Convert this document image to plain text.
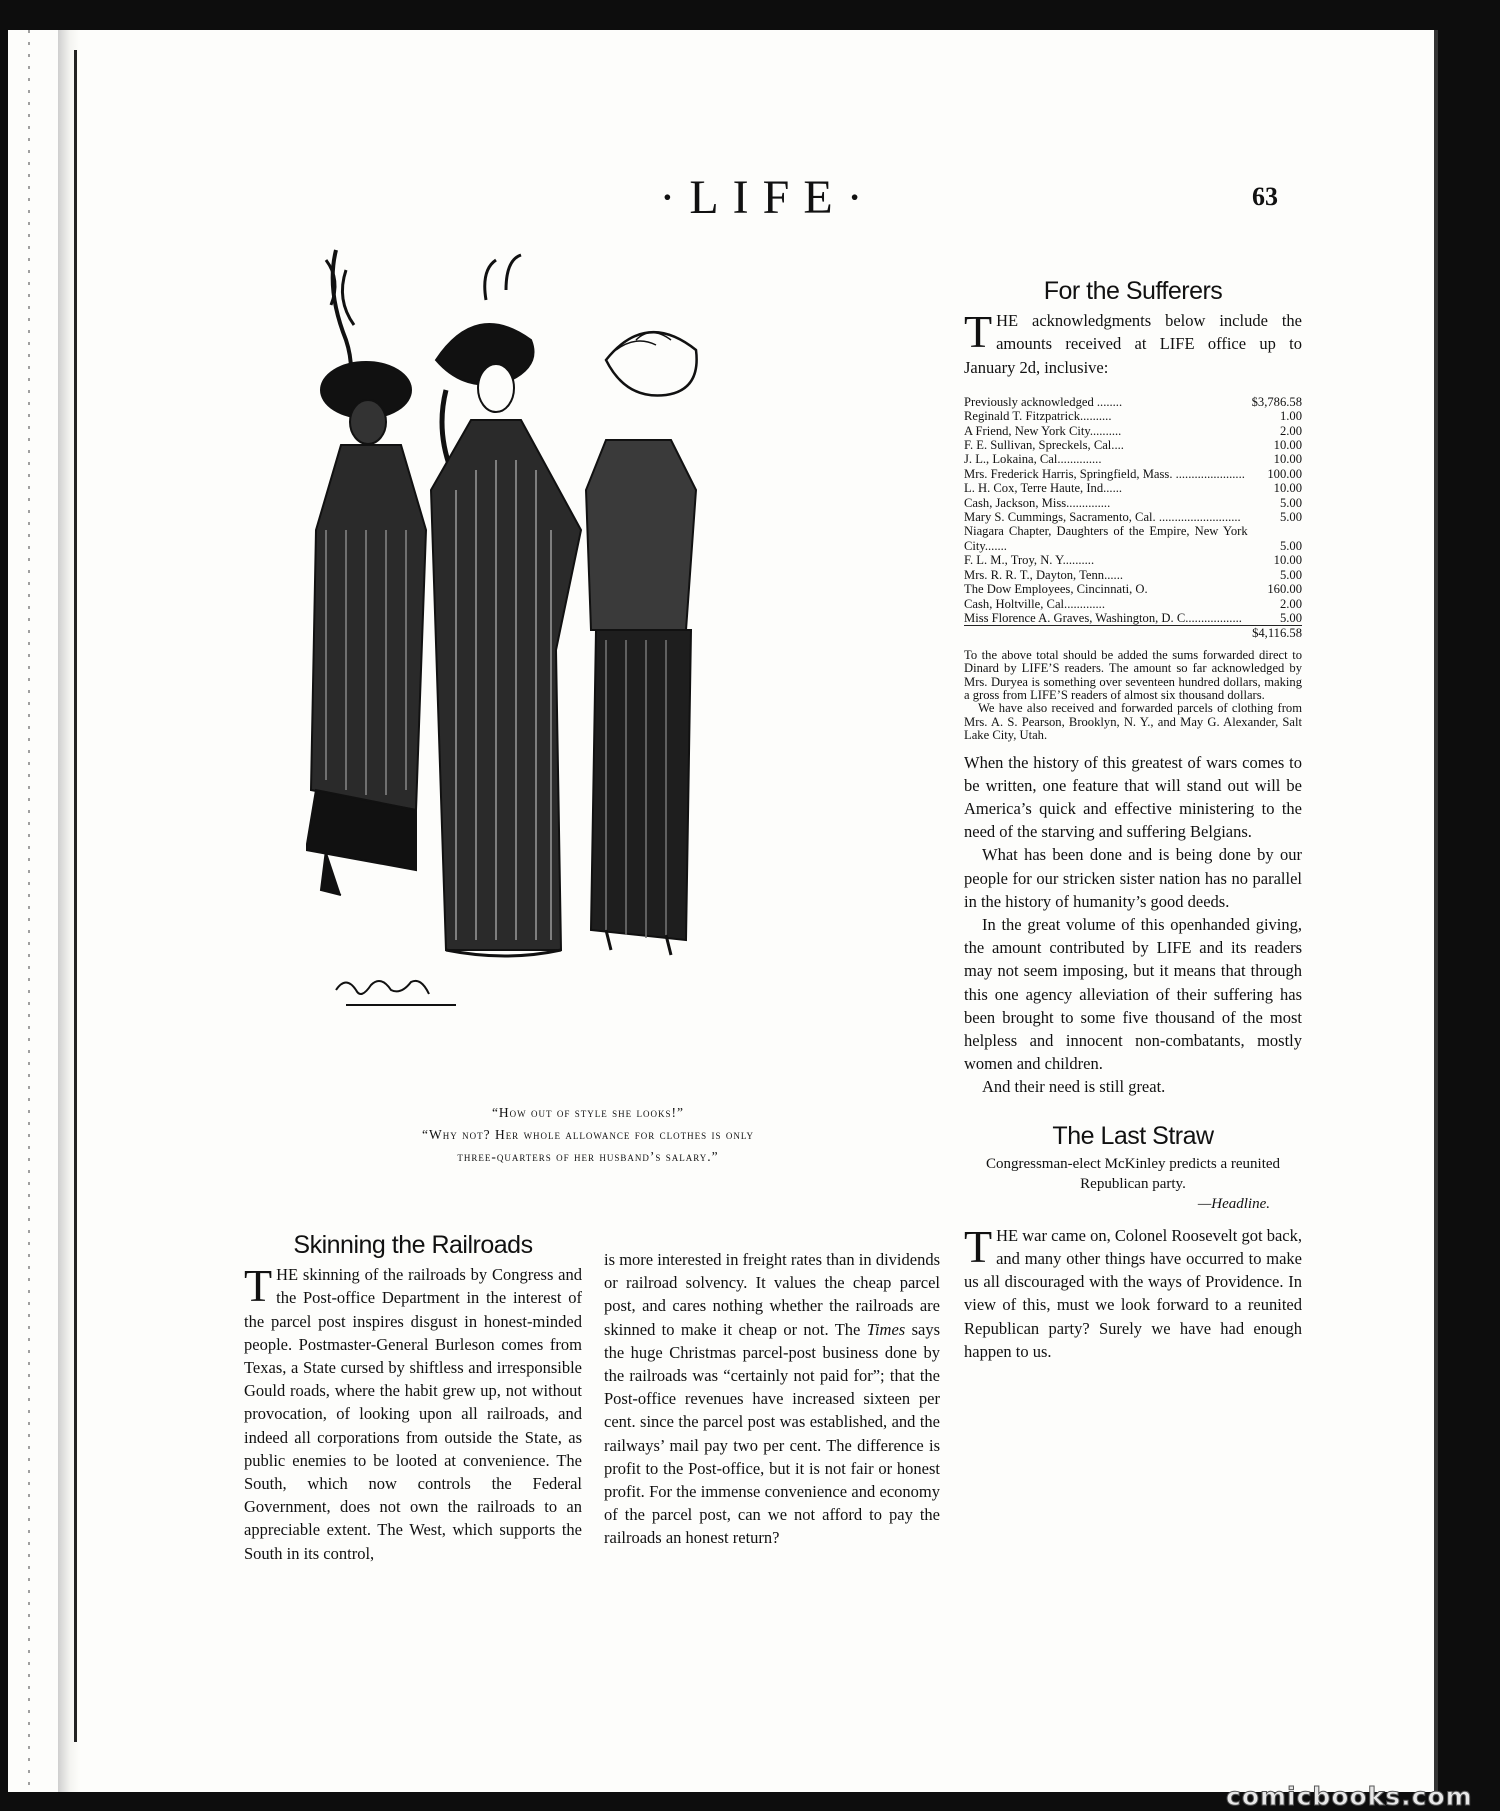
·LIFE·	63
“How out of style she looks!”
“Why not? Her whole allowance for clothes is only
three-quarters of her husband’s salary.”
Skinning the Railroads

THE skinning of the railroads by Congress and the Post-office Department in the interest of the parcel post inspires disgust in honest-minded people. Postmaster-General Burleson comes from Texas, a State cursed by shiftless and irresponsible Gould roads, where the habit grew up, not without provocation, of looking upon all railroads, and indeed all corporations from outside the State, as public enemies to be looted at convenience. The South, which now controls the Federal Government, does not own the railroads to an appreciable extent. The West, which supports the South in its control,

is more interested in freight rates than in dividends or railroad solvency. It values the cheap parcel post, and cares nothing whether the railroads are skinned to make it cheap or not. The Times says the huge Christmas parcel-post business done by the railroads was “certainly not paid for”; that the Post-office revenues have increased sixteen per cent. since the parcel post was established, and the railways’ mail pay two per cent. The difference is profit to the Post-office, but it is not fair or honest profit. For the immense convenience and economy of the parcel post, can we not afford to pay the railroads an honest return?

For the Sufferers

THE acknowledgments below include the amounts received at LIFE office up to January 2d, inclusive:

Previously acknowledged ........	$3,786.58
Reginald T. Fitzpatrick..........	1.00
A Friend, New York City..........	2.00
F. E. Sullivan, Spreckels, Cal....	10.00
J. L., Lokaina, Cal..............	10.00
Mrs. Frederick Harris, Springfield, Mass. ......................	100.00
L. H. Cox, Terre Haute, Ind......	10.00
Cash, Jackson, Miss..............	5.00
Mary S. Cummings, Sacramento, Cal. ..........................	5.00
Niagara Chapter, Daughters of the Empire, New York City.......	5.00
F. L. M., Troy, N. Y..........	10.00
Mrs. R. R. T., Dayton, Tenn......	5.00
The Dow Employees, Cincinnati, O.	160.00
Cash, Holtville, Cal.............	2.00
Miss Florence A. Graves, Washington, D. C..................	5.00
	$4,116.58

To the above total should be added the sums forwarded direct to Dinard by LIFE’S readers. The amount so far acknowledged by Mrs. Duryea is something over seventeen hundred dollars, making a gross from LIFE’S readers of almost six thousand dollars.

We have also received and forwarded parcels of clothing from Mrs. A. S. Pearson, Brooklyn, N. Y., and May G. Alexander, Salt Lake City, Utah.

When the history of this greatest of wars comes to be written, one feature that will stand out will be America’s quick and effective ministering to the need of the starving and suffering Belgians.

What has been done and is being done by our people for our stricken sister nation has no parallel in the history of humanity’s good deeds.

In the great volume of this openhanded giving, the amount contributed by LIFE and its readers may not seem imposing, but it means that through this one agency alleviation of their suffering has been brought to some five thousand of the most helpless and innocent non-combatants, mostly women and children.

And their need is still great.

The Last Straw
Congressman-elect McKinley predicts a reunited Republican party.
—Headline.

THE war came on, Colonel Roosevelt got back, and many other things have occurred to make us all discouraged with the ways of Providence. In view of this, must we look forward to a reunited Republican party? Surely we have had enough happen to us.

comicbooks.com
